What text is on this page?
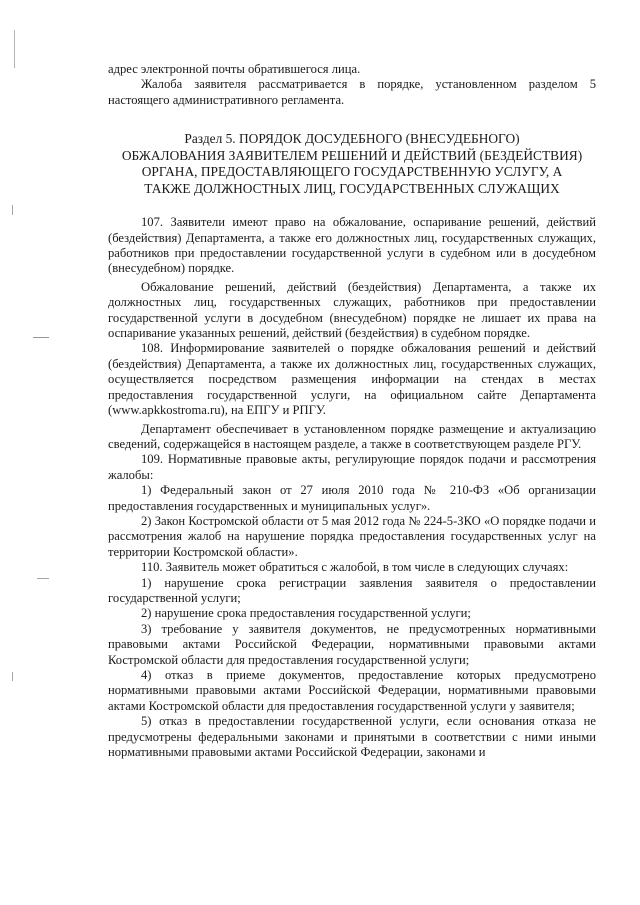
адрес электронной почты обратившегося лица.

Жалоба заявителя рассматривается в порядке, установленном разделом 5 настоящего административного регламента.

Раздел 5. ПОРЯДОК ДОСУДЕБНОГО (ВНЕСУДЕБНОГО)
ОБЖАЛОВАНИЯ ЗАЯВИТЕЛЕМ РЕШЕНИЙ И ДЕЙСТВИЙ (БЕЗДЕЙСТВИЯ)
ОРГАНА, ПРЕДОСТАВЛЯЮЩЕГО ГОСУДАРСТВЕННУЮ УСЛУГУ, А
ТАКЖЕ ДОЛЖНОСТНЫХ ЛИЦ, ГОСУДАРСТВЕННЫХ СЛУЖАЩИХ

107. Заявители имеют право на обжалование, оспаривание решений, действий (бездействия) Департамента, а также его должностных лиц, государственных служащих, работников при предоставлении государственной услуги в судебном или в досудебном (внесудебном) порядке.

Обжалование решений, действий (бездействия) Департамента, а также их должностных лиц, государственных служащих, работников при предоставлении государственной услуги в досудебном (внесудебном) порядке не лишает их права на оспаривание указанных решений, действий (бездействия) в судебном порядке.

108. Информирование заявителей о порядке обжалования решений и действий (бездействия) Департамента, а также их должностных лиц, государственных служащих, осуществляется посредством размещения информации на стендах в местах предоставления государственной услуги, на официальном сайте Департамента (www.apkkostroma.ru), на ЕПГУ и РПГУ.

Департамент обеспечивает в установленном порядке размещение и актуализацию сведений, содержащейся в настоящем разделе, а также в соответствующем разделе РГУ.

109. Нормативные правовые акты, регулирующие порядок подачи и рассмотрения жалобы:

1) Федеральный закон от 27 июля 2010 года № 210-ФЗ «Об организации предоставления государственных и муниципальных услуг».

2) Закон Костромской области от 5 мая 2012 года № 224-5-ЗКО «О порядке подачи и рассмотрения жалоб на нарушение порядка предоставления государственных услуг на территории Костромской области».

110. Заявитель может обратиться с жалобой, в том числе в следующих случаях:

1) нарушение срока регистрации заявления заявителя о предоставлении государственной услуги;

2) нарушение срока предоставления государственной услуги;

3) требование у заявителя документов, не предусмотренных нормативными правовыми актами Российской Федерации, нормативными правовыми актами Костромской области для предоставления государственной услуги;

4) отказ в приеме документов, предоставление которых предусмотрено нормативными правовыми актами Российской Федерации, нормативными правовыми актами Костромской области для предоставления государственной услуги у заявителя;

5) отказ в предоставлении государственной услуги, если основания отказа не предусмотрены федеральными законами и принятыми в соответствии с ними иными нормативными правовыми актами Российской Федерации, законами и
